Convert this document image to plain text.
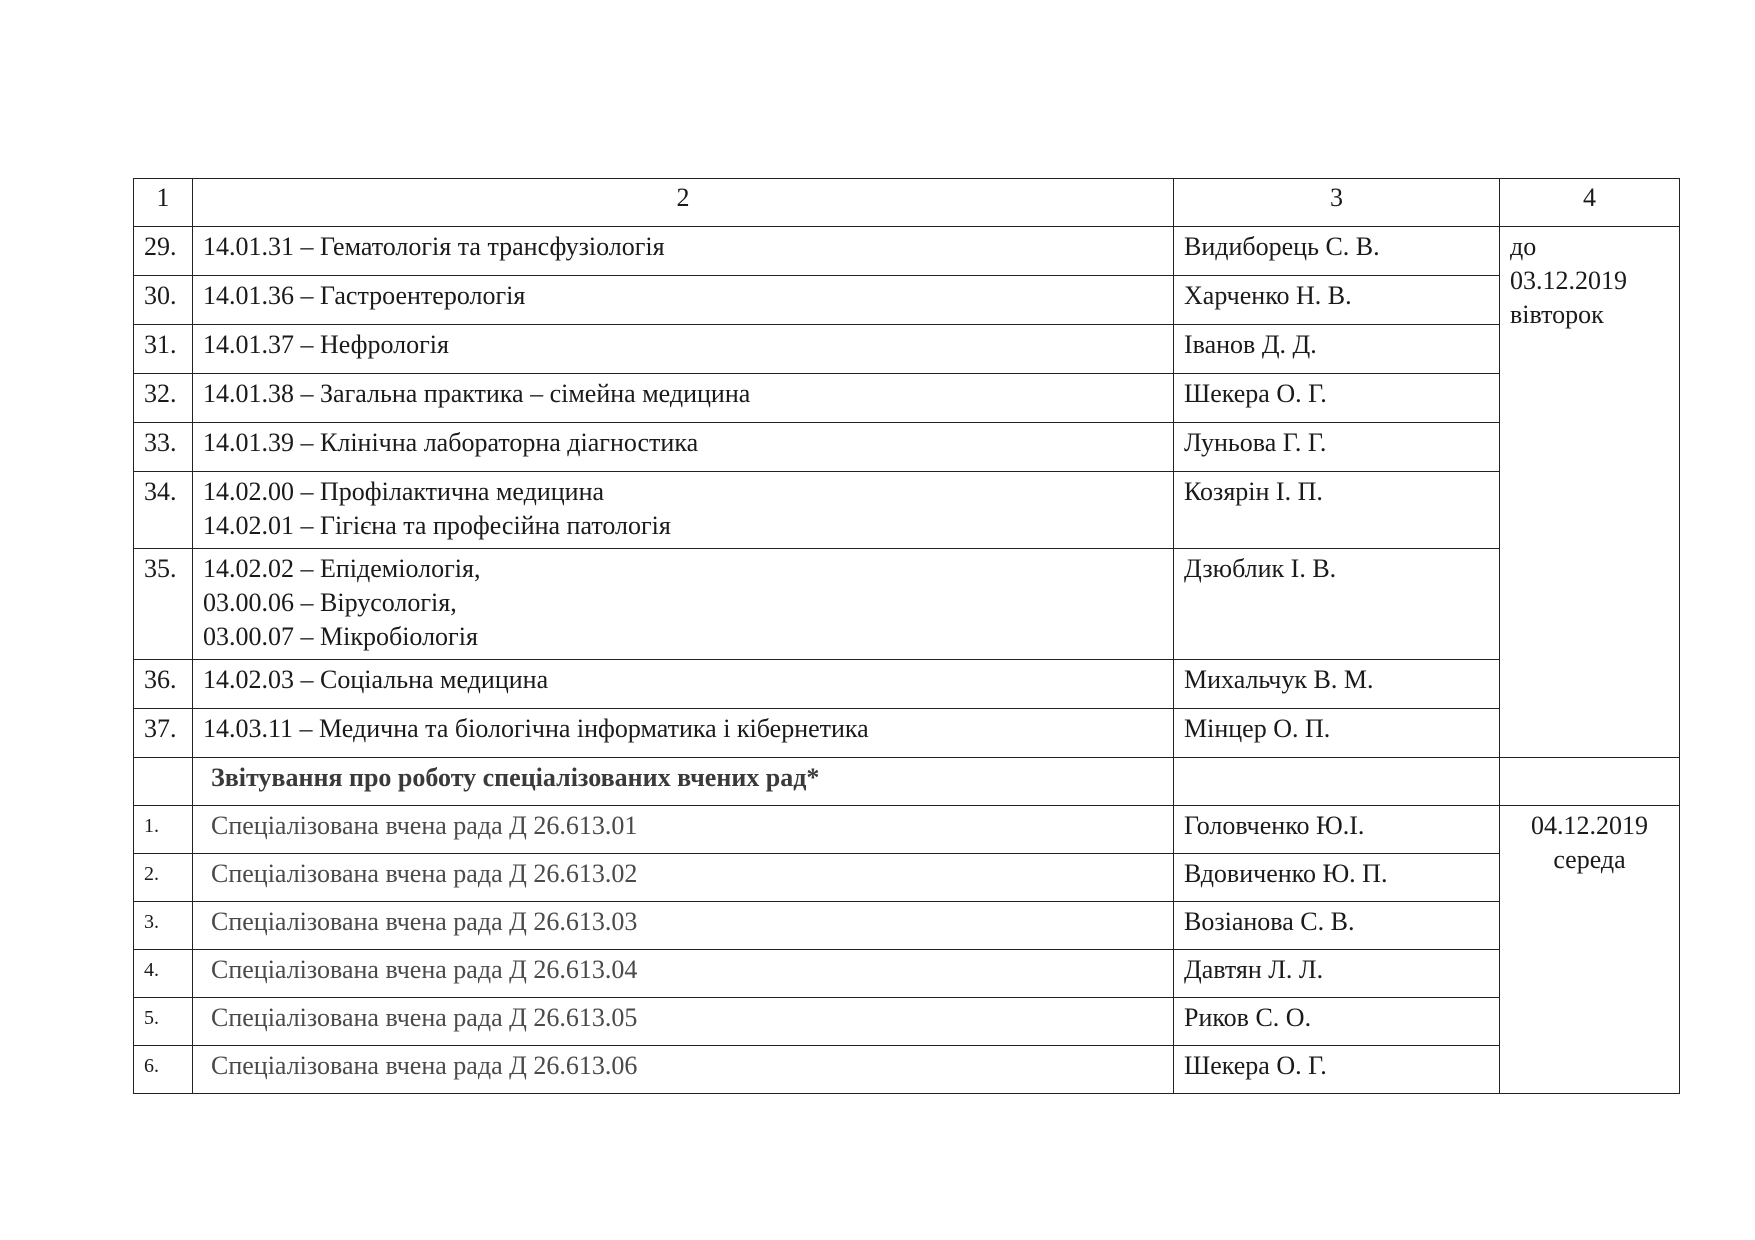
1	2	3	4
29.	14.01.31 – Гематологія та трансфузіологія	Видиборець С. В.	до
03.12.2019
вівторок

30.	14.01.36 – Гастроентерологія	Харченко Н. В.	
31.	14.01.37 – Нефрологія	Іванов Д. Д.	
32.	14.01.38 – Загальна практика – сімейна медицина	Шекера О. Г.	
33.	14.01.39 – Клінічна лабораторна діагностика	Луньова Г. Г.	
34.	14.02.00 – Профілактична медицина
14.02.01 – Гігієна та професійна патологія	Козярін І. П.	
35.	14.02.02 – Епідеміологія,
03.00.06 – Вірусологія,
03.00.07 – Мікробіологія	Дзюблик І. В.	
36.	14.02.03 – Соціальна медицина	Михальчук В. М.	
37.	14.03.11 – Медична та біологічна інформатика і кібернетика	Мінцер О. П.	
	Звітування про роботу спеціалізованих вчених рад*		
1.	Спеціалізована вчена рада Д 26.613.01	Головченко Ю.І.	04.12.2019
середа

2.	Спеціалізована вчена рада Д 26.613.02	Вдовиченко Ю. П.	
3.	Спеціалізована вчена рада Д 26.613.03	Возіанова С. В.	
4.	Спеціалізована вчена рада Д 26.613.04	Давтян Л. Л.	
5.	Спеціалізована вчена рада Д 26.613.05	Риков С. О.	
6.	Спеціалізована вчена рада Д 26.613.06	Шекера О. Г.	
